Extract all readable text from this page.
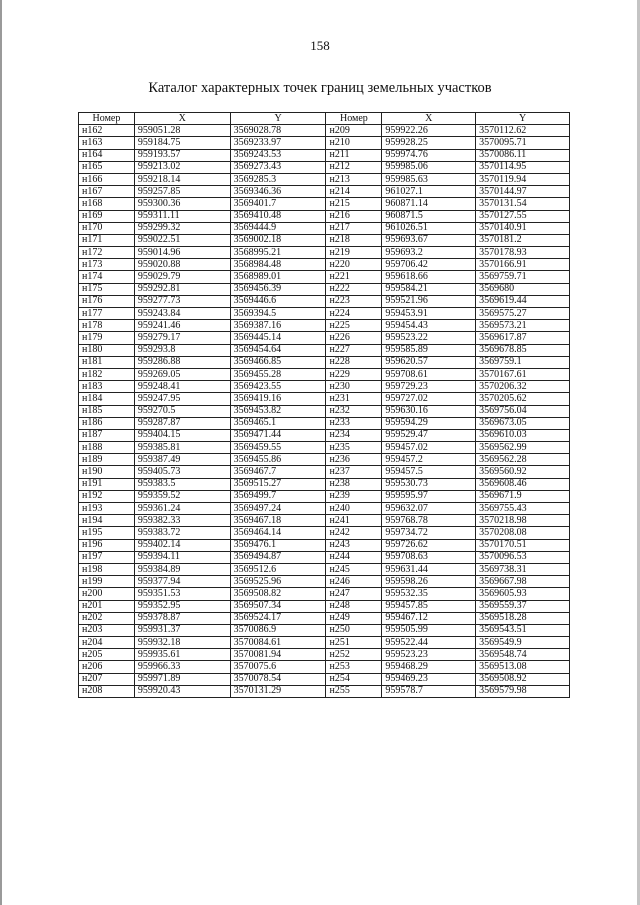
158
Каталог характерных точек границ земельных участков
Номер	X	Y	Номер	X	Y
н162	959051.28	3569028.78	н209	959922.26	3570112.62
н163	959184.75	3569233.97	н210	959928.25	3570095.71
н164	959193.57	3569243.53	н211	959974.76	3570086.11
н165	959213.02	3569273.43	н212	959985.06	3570114.95
н166	959218.14	3569285.3	н213	959985.63	3570119.94
н167	959257.85	3569346.36	н214	961027.1	3570144.97
н168	959300.36	3569401.7	н215	960871.14	3570131.54
н169	959311.11	3569410.48	н216	960871.5	3570127.55
н170	959299.32	3569444.9	н217	961026.51	3570140.91
н171	959022.51	3569002.18	н218	959693.67	3570181.2
н172	959014.96	3568995.21	н219	959693.2	3570178.93
н173	959020.88	3568984.48	н220	959706.42	3570166.91
н174	959029.79	3568989.01	н221	959618.66	3569759.71
н175	959292.81	3569456.39	н222	959584.21	3569680
н176	959277.73	3569446.6	н223	959521.96	3569619.44
н177	959243.84	3569394.5	н224	959453.91	3569575.27
н178	959241.46	3569387.16	н225	959454.43	3569573.21
н179	959279.17	3569445.14	н226	959523.22	3569617.87
н180	959293.8	3569454.64	н227	959585.89	3569678.85
н181	959286.88	3569466.85	н228	959620.57	3569759.1
н182	959269.05	3569455.28	н229	959708.61	3570167.61
н183	959248.41	3569423.55	н230	959729.23	3570206.32
н184	959247.95	3569419.16	н231	959727.02	3570205.62
н185	959270.5	3569453.82	н232	959630.16	3569756.04
н186	959287.87	3569465.1	н233	959594.29	3569673.05
н187	959404.15	3569471.44	н234	959529.47	3569610.03
н188	959385.81	3569459.55	н235	959457.02	3569562.99
н189	959387.49	3569455.86	н236	959457.2	3569562.28
н190	959405.73	3569467.7	н237	959457.5	3569560.92
н191	959383.5	3569515.27	н238	959530.73	3569608.46
н192	959359.52	3569499.7	н239	959595.97	3569671.9
н193	959361.24	3569497.24	н240	959632.07	3569755.43
н194	959382.33	3569467.18	н241	959768.78	3570218.98
н195	959383.72	3569464.14	н242	959734.72	3570208.08
н196	959402.14	3569476.1	н243	959726.62	3570170.51
н197	959394.11	3569494.87	н244	959708.63	3570096.53
н198	959384.89	3569512.6	н245	959631.44	3569738.31
н199	959377.94	3569525.96	н246	959598.26	3569667.98
н200	959351.53	3569508.82	н247	959532.35	3569605.93
н201	959352.95	3569507.34	н248	959457.85	3569559.37
н202	959378.87	3569524.17	н249	959467.12	3569518.28
н203	959931.37	3570086.9	н250	959505.99	3569543.51
н204	959932.18	3570084.61	н251	959522.44	3569549.9
н205	959935.61	3570081.94	н252	959523.23	3569548.74
н206	959966.33	3570075.6	н253	959468.29	3569513.08
н207	959971.89	3570078.54	н254	959469.23	3569508.92
н208	959920.43	3570131.29	н255	959578.7	3569579.98
